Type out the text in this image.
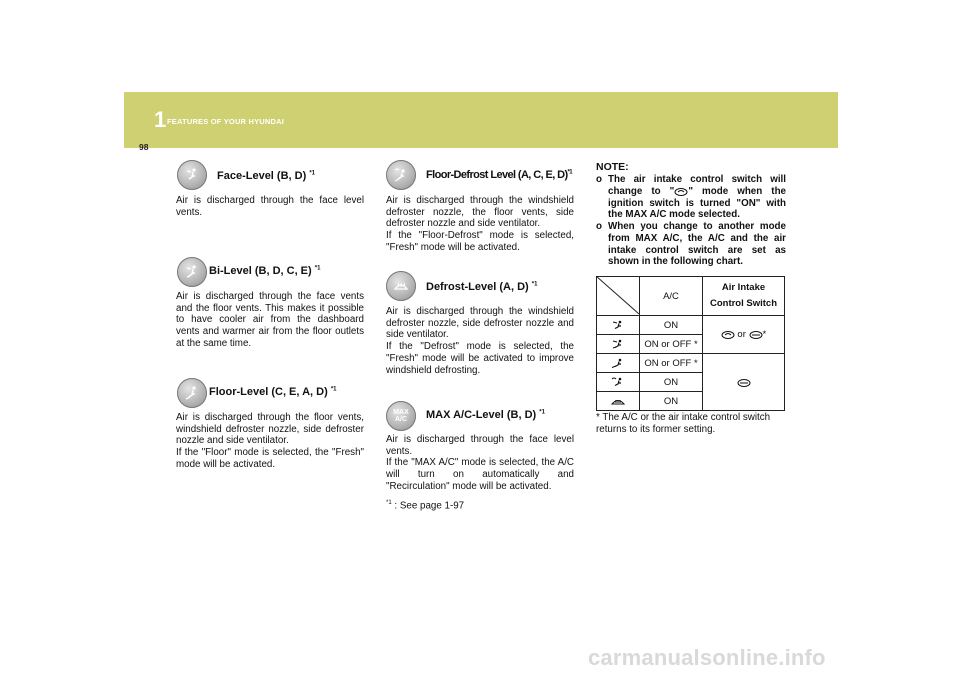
1 FEATURES OF YOUR HYUNDAI
98
Face-Level (B, D) $^{*1}$

Air is discharged through the face level vents.

Bi-Level (B, D, C, E) $^{*1}$

Air is discharged through the face vents and the floor vents. This makes it possible to have cooler air from the dashboard vents and warmer air from the floor outlets at the same time.

Floor-Level (C, E, A, D) $^{*1}$

Air is discharged through the floor vents, windshield defroster nozzle, side defroster nozzle and side ventilator.
If the "Floor" mode is selected, the "Fresh" mode will be activated.

Floor-Defrost Level (A, C, E, D)$^{*1}$

Air is discharged through the windshield defroster nozzle, the floor vents, side defroster nozzle and side ventilator.
If the "Floor-Defrost" mode is selected, "Fresh" mode will be activated.

Defrost-Level (A, D) $^{*1}$

Air is discharged through the windshield defroster nozzle, side defroster nozzle and side ventilator.
If the "Defrost" mode is selected, the "Fresh" mode will be activated to improve windshield defrosting.

MAX
A/C	MAX A/C-Level (B, D) $^{*1}$

Air is discharged through the face level vents.
If the "MAX A/C" mode is selected, the A/C will turn on automatically and "Recirculation" mode will be activated.

$^{*1}$ : See page 1-97
NOTE:
o The air intake control switch will change to " " mode when the ignition switch is turned "ON" with the MAX A/C mode selected.
o When you change to another mode from MAX A/C, the A/C and the air intake control switch are set as shown in the following chart.
	A/C	Air Intake
Control Switch
	ON	or *
	ON or OFF *	
	ON or OFF *	
	ON	
	ON	
* The A/C or the air intake control switch returns to its former setting.
carmanualsonline.info
